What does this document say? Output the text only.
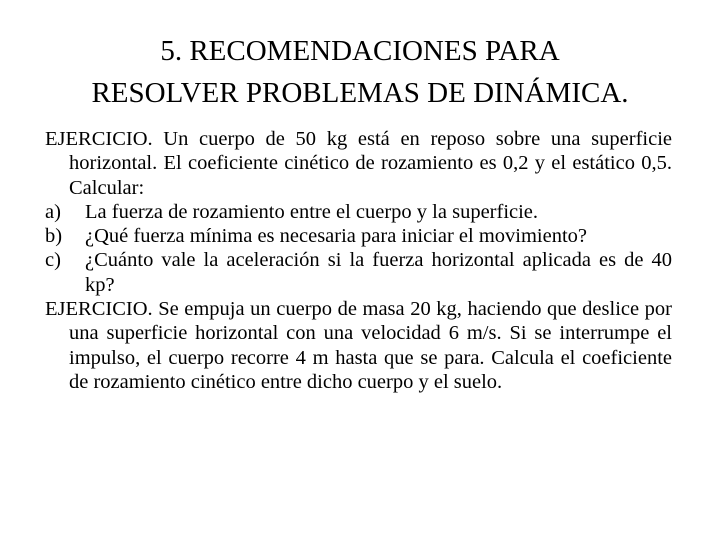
5. RECOMENDACIONES PARA
RESOLVER PROBLEMAS DE DINÁMICA.
EJERCICIO. Un cuerpo de 50 kg está en reposo sobre una superficie horizontal. El coeficiente cinético de rozamiento es 0,2 y el estático 0,5. Calcular:
a) La fuerza de rozamiento entre el cuerpo y la superficie.
b) ¿Qué fuerza mínima es necesaria para iniciar el movimiento?
c) ¿Cuánto vale la aceleración si la fuerza horizontal aplicada es de 40 kp?
EJERCICIO. Se empuja un cuerpo de masa 20 kg, haciendo que deslice por una superficie horizontal con una velocidad 6 m/s. Si se interrumpe el impulso, el cuerpo recorre 4 m hasta que se para. Calcula el coeficiente de rozamiento cinético entre dicho cuerpo y el suelo.
